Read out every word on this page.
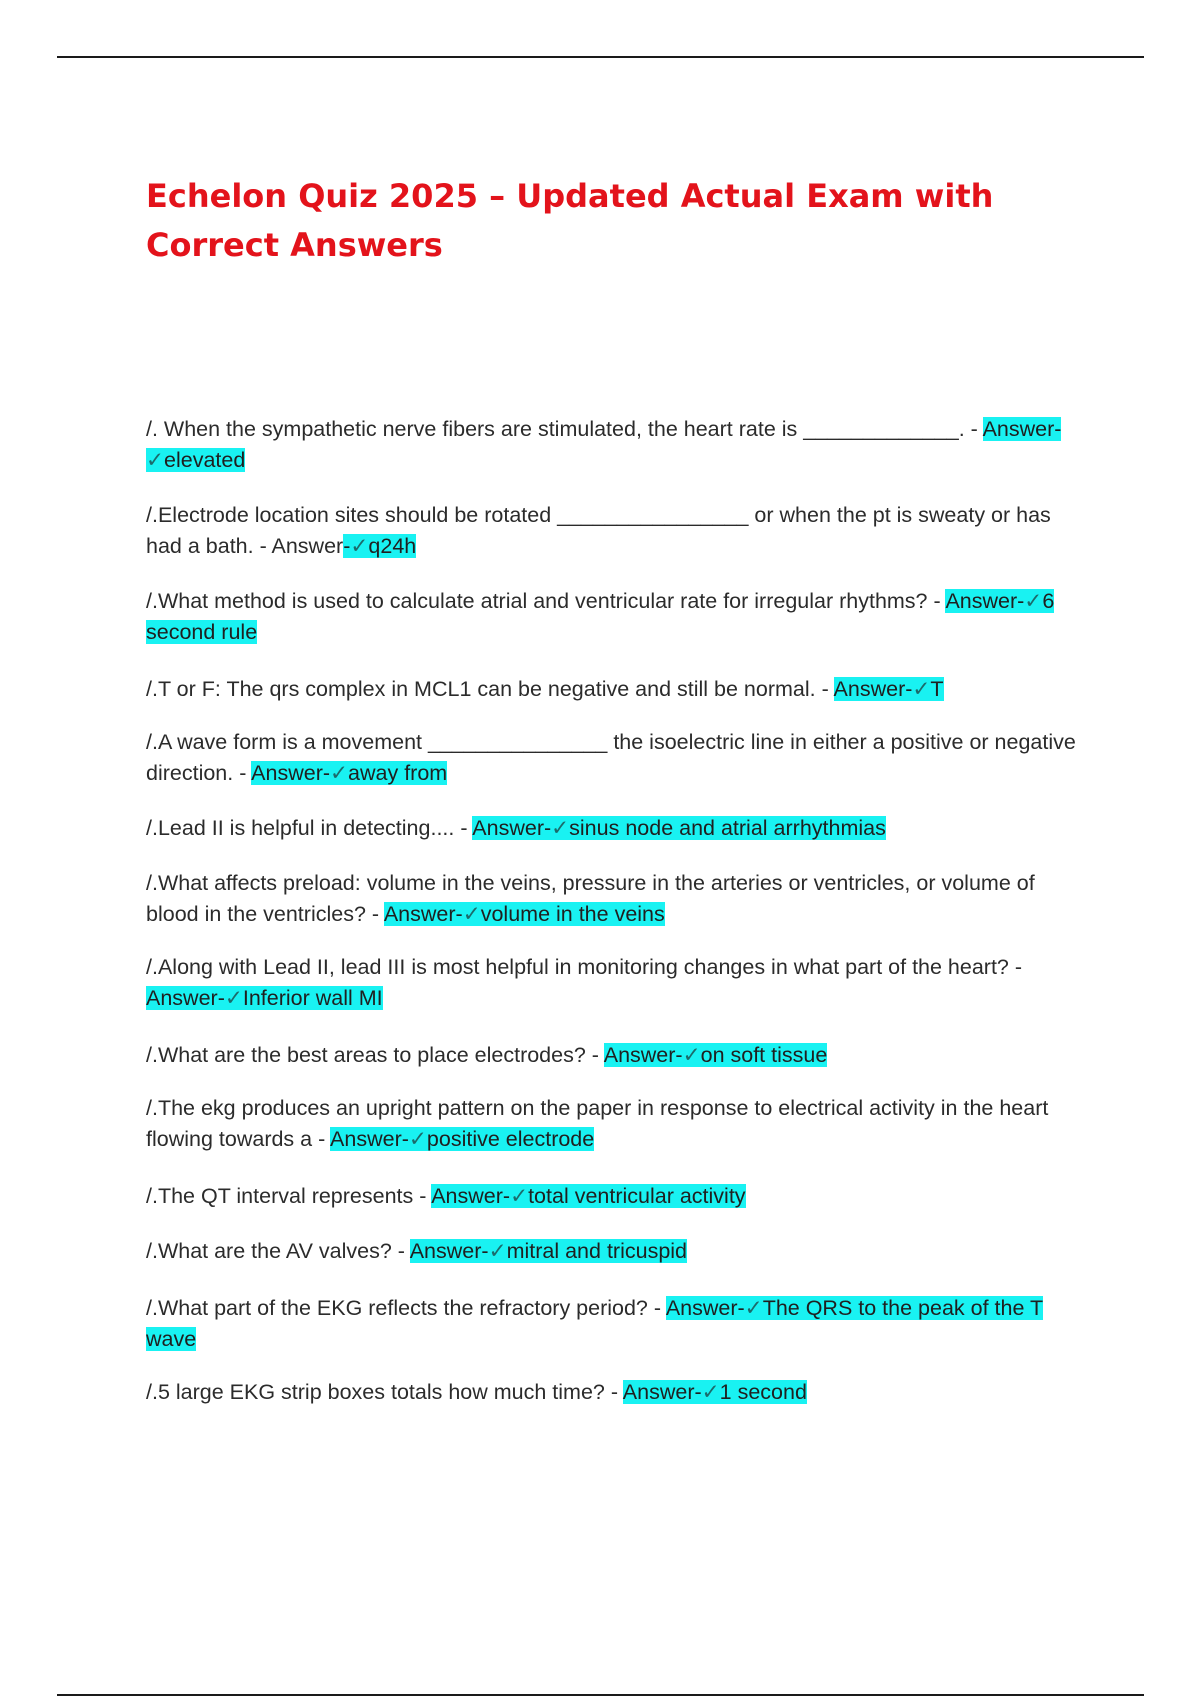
Echelon Quiz 2025 – Updated Actual Exam with Correct Answers
/. When the sympathetic nerve fibers are stimulated, the heart rate is _____________. - Answer-✓elevated
/.Electrode location sites should be rotated ________________ or when the pt is sweaty or has had a bath. - Answer-✓q24h
/.What method is used to calculate atrial and ventricular rate for irregular rhythms? - Answer-✓6 second rule
/.T or F: The qrs complex in MCL1 can be negative and still be normal. - Answer-✓T
/.A wave form is a movement _______________ the isoelectric line in either a positive or negative direction. - Answer-✓away from
/.Lead II is helpful in detecting.... - Answer-✓sinus node and atrial arrhythmias
/.What affects preload: volume in the veins, pressure in the arteries or ventricles, or volume of blood in the ventricles? - Answer-✓volume in the veins
/.Along with Lead II, lead III is most helpful in monitoring changes in what part of the heart? - Answer-✓Inferior wall MI
/.What are the best areas to place electrodes? - Answer-✓on soft tissue
/.The ekg produces an upright pattern on the paper in response to electrical activity in the heart flowing towards a - Answer-✓positive electrode
/.The QT interval represents - Answer-✓total ventricular activity
/.What are the AV valves? - Answer-✓mitral and tricuspid
/.What part of the EKG reflects the refractory period? - Answer-✓The QRS to the peak of the T wave
/.5 large EKG strip boxes totals how much time? - Answer-✓1 second
